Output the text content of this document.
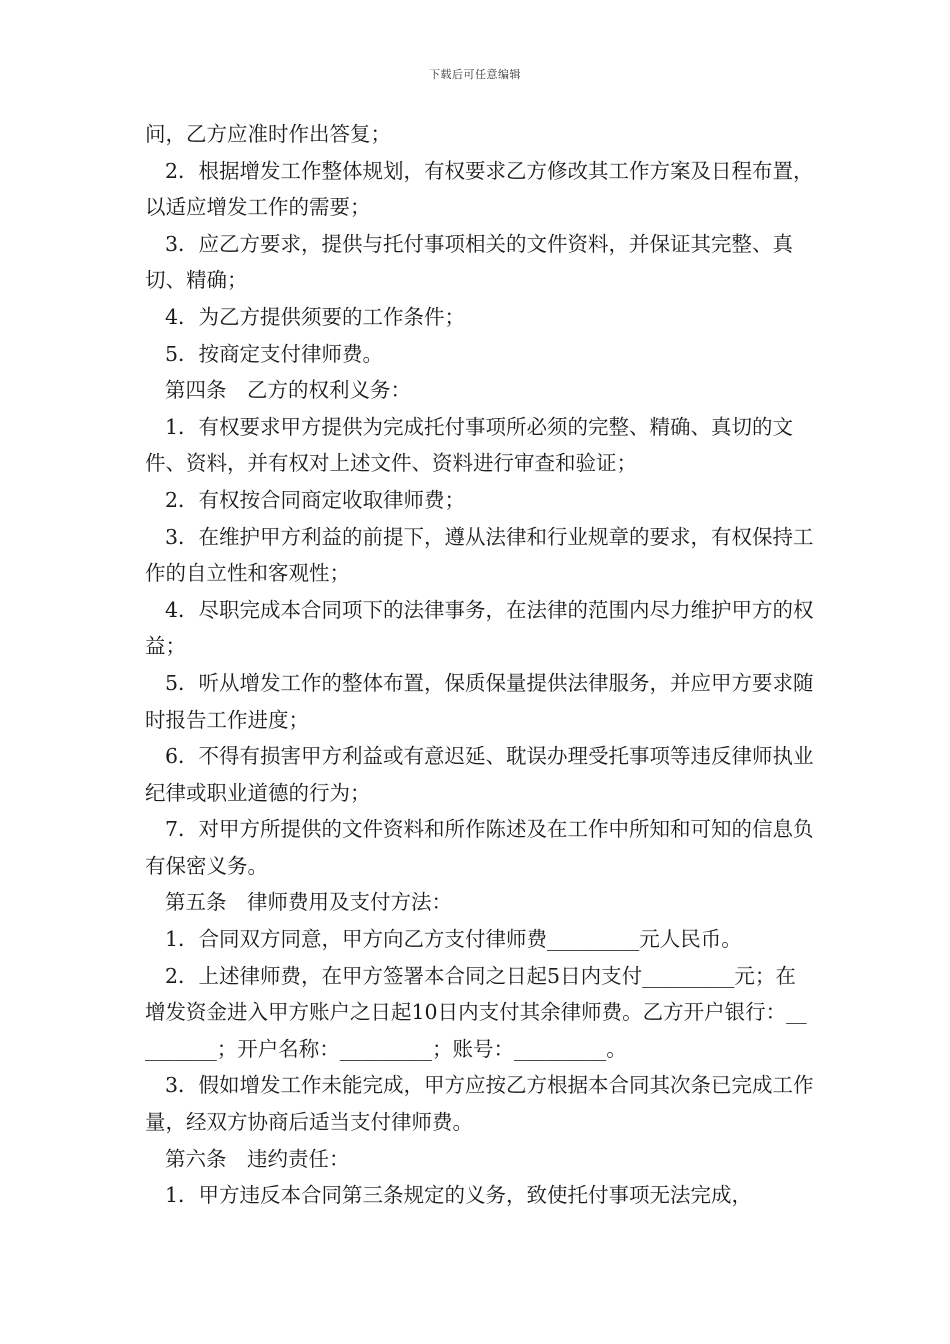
下载后可任意编辑

问，乙方应准时作出答复；

2．根据增发工作整体规划，有权要求乙方修改其工作方案及日程布置，以适应增发工作的需要；

3．应乙方要求，提供与托付事项相关的文件资料，并保证其完整、真切、精确；

4．为乙方提供须要的工作条件；

5．按商定支付律师费。

第四条　乙方的权利义务：

1．有权要求甲方提供为完成托付事项所必须的完整、精确、真切的文件、资料，并有权对上述文件、资料进行审查和验证；

2．有权按合同商定收取律师费；

3．在维护甲方利益的前提下，遵从法律和行业规章的要求，有权保持工作的自立性和客观性；

4．尽职完成本合同项下的法律事务，在法律的范围内尽力维护甲方的权益；

5．听从增发工作的整体布置，保质保量提供法律服务，并应甲方要求随时报告工作进度；

6．不得有损害甲方利益或有意迟延、耽误办理受托事项等违反律师执业纪律或职业道德的行为；

7．对甲方所提供的文件资料和所作陈述及在工作中所知和可知的信息负有保密义务。

第五条　律师费用及支付方法：

1．合同双方同意，甲方向乙方支付律师费_________元人民币。

2．上述律师费，在甲方签署本合同之日起5日内支付_________元；在增发资金进入甲方账户之日起10日内支付其余律师费。乙方开户银行：_________；开户名称：_________；账号：_________。

3．假如增发工作未能完成，甲方应按乙方根据本合同其次条已完成工作量，经双方协商后适当支付律师费。

第六条　违约责任：

1．甲方违反本合同第三条规定的义务，致使托付事项无法完成，
